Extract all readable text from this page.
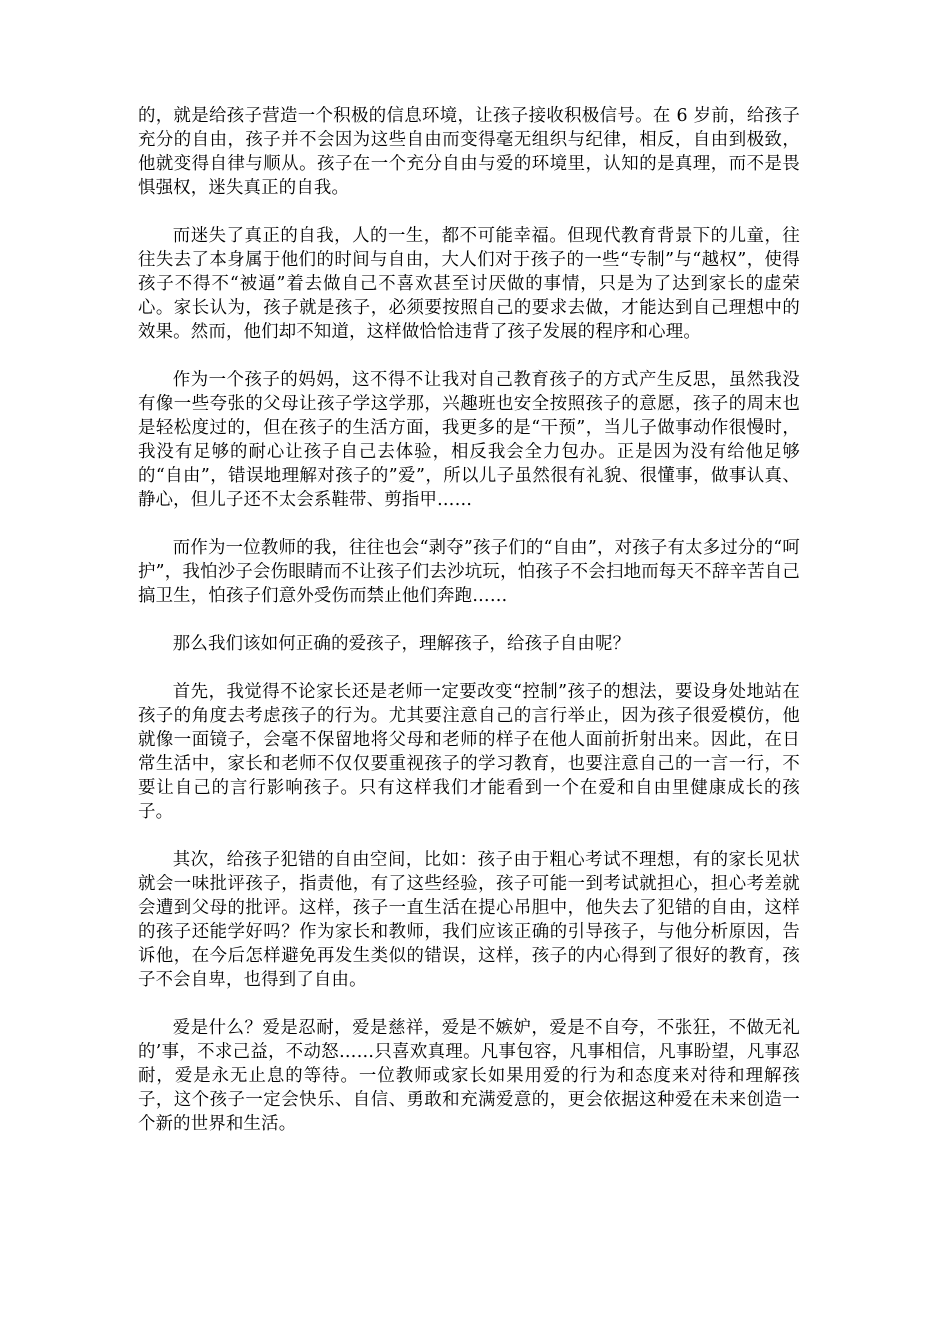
的，就是给孩子营造一个积极的信息环境，让孩子接收积极信号。在 6 岁前，给孩子充分的自由，孩子并不会因为这些自由而变得毫无组织与纪律，相反，自由到极致，他就变得自律与顺从。孩子在一个充分自由与爱的环境里，认知的是真理，而不是畏惧强权，迷失真正的自我。

而迷失了真正的自我，人的一生，都不可能幸福。但现代教育背景下的儿童，往往失去了本身属于他们的时间与自由，大人们对于孩子的一些“专制”与“越权”，使得孩子不得不“被逼”着去做自己不喜欢甚至讨厌做的事情，只是为了达到家长的虚荣心。家长认为，孩子就是孩子，必须要按照自己的要求去做，才能达到自己理想中的效果。然而，他们却不知道，这样做恰恰违背了孩子发展的程序和心理。

作为一个孩子的妈妈，这不得不让我对自己教育孩子的方式产生反思，虽然我没有像一些夸张的父母让孩子学这学那，兴趣班也安全按照孩子的意愿，孩子的周末也是轻松度过的，但在孩子的生活方面，我更多的是“干预”，当儿子做事动作很慢时，我没有足够的耐心让孩子自己去体验，相反我会全力包办。正是因为没有给他足够的“自由”，错误地理解对孩子的”爱”，所以儿子虽然很有礼貌、很懂事，做事认真、静心，但儿子还不太会系鞋带、剪指甲……

而作为一位教师的我，往往也会“剥夺”孩子们的“自由”，对孩子有太多过分的“呵护”，我怕沙子会伤眼睛而不让孩子们去沙坑玩，怕孩子不会扫地而每天不辞辛苦自己搞卫生，怕孩子们意外受伤而禁止他们奔跑……

那么我们该如何正确的爱孩子，理解孩子，给孩子自由呢？

首先，我觉得不论家长还是老师一定要改变“控制”孩子的想法，要设身处地站在孩子的角度去考虑孩子的行为。尤其要注意自己的言行举止，因为孩子很爱模仿，他就像一面镜子，会毫不保留地将父母和老师的样子在他人面前折射出来。因此，在日常生活中，家长和老师不仅仅要重视孩子的学习教育，也要注意自己的一言一行，不要让自己的言行影响孩子。只有这样我们才能看到一个在爱和自由里健康成长的孩子。

其次，给孩子犯错的自由空间，比如：孩子由于粗心考试不理想，有的家长见状就会一味批评孩子，指责他，有了这些经验，孩子可能一到考试就担心，担心考差就会遭到父母的批评。这样，孩子一直生活在提心吊胆中，他失去了犯错的自由，这样的孩子还能学好吗？作为家长和教师，我们应该正确的引导孩子，与他分析原因，告诉他，在今后怎样避免再发生类似的错误，这样，孩子的内心得到了很好的教育，孩子不会自卑，也得到了自由。

爱是什么？爱是忍耐，爱是慈祥，爱是不嫉妒，爱是不自夸，不张狂，不做无礼的’事，不求己益，不动怒……只喜欢真理。凡事包容，凡事相信，凡事盼望，凡事忍耐，爱是永无止息的等待。一位教师或家长如果用爱的行为和态度来对待和理解孩子，这个孩子一定会快乐、自信、勇敢和充满爱意的，更会依据这种爱在未来创造一个新的世界和生活。
